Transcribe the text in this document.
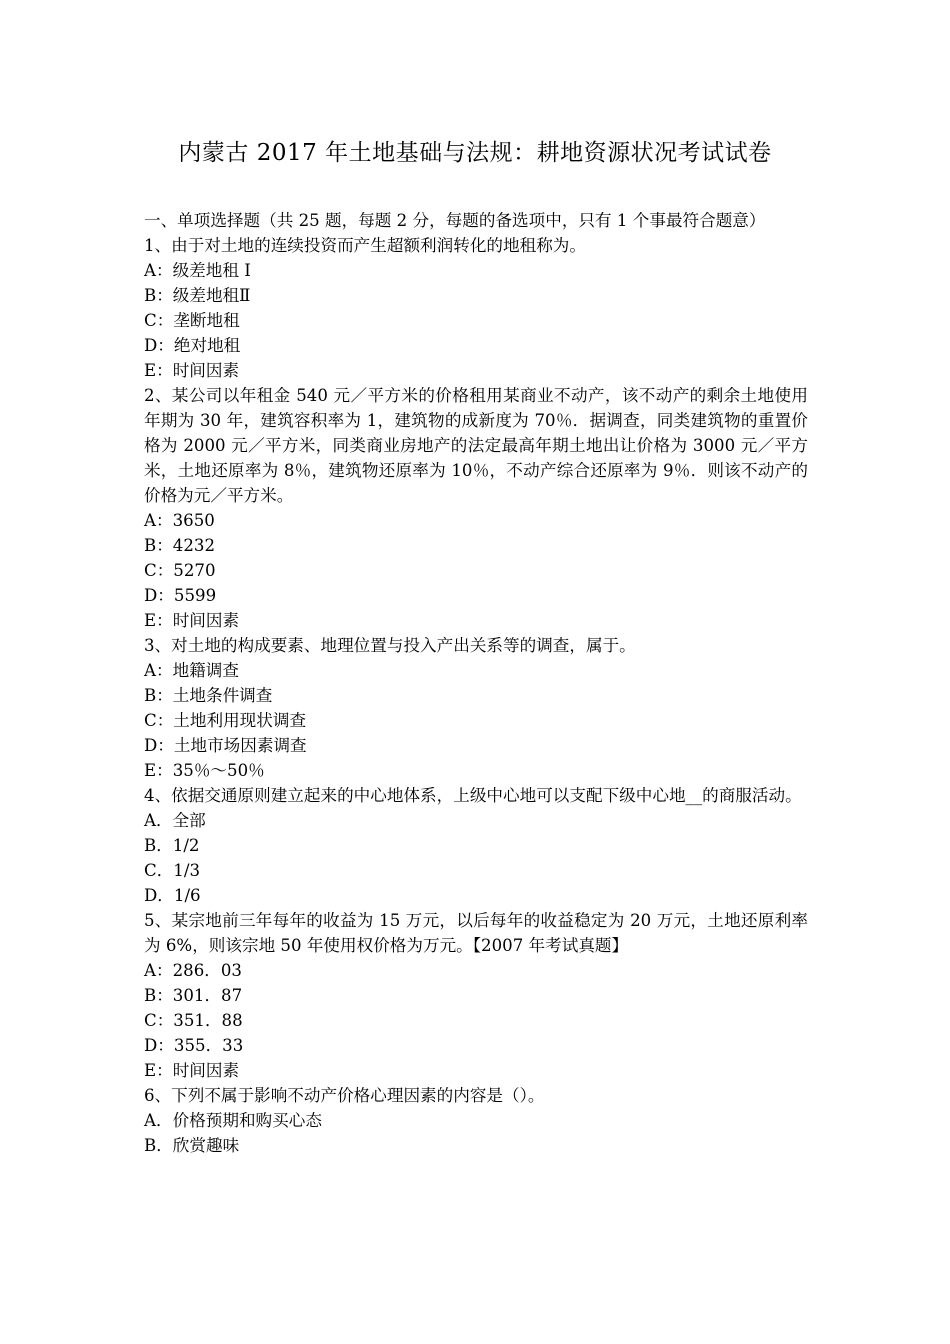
内蒙古 2017 年土地基础与法规：耕地资源状况考试试卷
一、单项选择题（共 25 题，每题 2 分，每题的备选项中，只有 1 个事最符合题意）
1、由于对土地的连续投资而产生超额利润转化的地租称为。
A：级差地租 I
B：级差地租Ⅱ
C：垄断地租
D：绝对地租
E：时间因素
2、某公司以年租金 540 元／平方米的价格租用某商业不动产，该不动产的剩余土地使用年期为 30 年，建筑容积率为 1，建筑物的成新度为 70％．据调查，同类建筑物的重置价格为 2000 元／平方米，同类商业房地产的法定最高年期土地出让价格为 3000 元／平方米，土地还原率为 8％，建筑物还原率为 10％，不动产综合还原率为 9％．则该不动产的价格为元／平方米。
A：3650
B：4232
C：5270
D：5599
E：时间因素
3、对土地的构成要素、地理位置与投入产出关系等的调查，属于。
A：地籍调查
B：土地条件调查
C：土地利用现状调查
D：土地市场因素调查
E：35％～50％
4、依据交通原则建立起来的中心地体系，上级中心地可以支配下级中心地__的商服活动。
A．全部
B．1/2
C．1/3
D．1/6
5、某宗地前三年每年的收益为 15 万元，以后每年的收益稳定为 20 万元，土地还原利率为 6%，则该宗地 50 年使用权价格为万元。【2007 年考试真题】
A：286．03
B：301．87
C：351．88
D：355．33
E：时间因素
6、下列不属于影响不动产价格心理因素的内容是（）。
A．价格预期和购买心态
B．欣赏趣味
